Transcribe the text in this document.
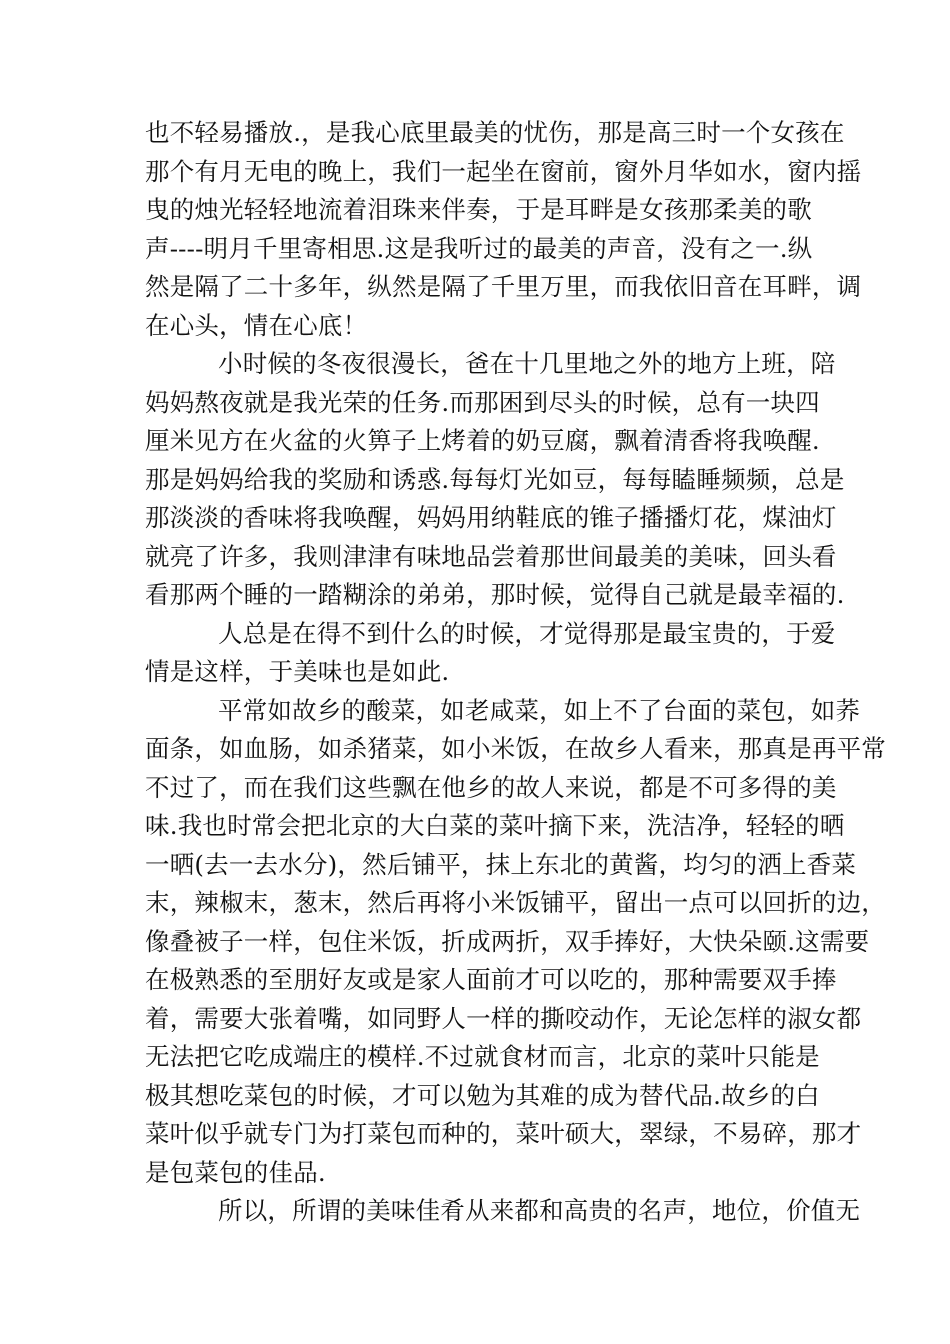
也不轻易播放.，是我心底里最美的忧伤，那是高三时一个女孩在
那个有月无电的晚上，我们一起坐在窗前，窗外月华如水，窗内摇
曳的烛光轻轻地流着泪珠来伴奏，于是耳畔是女孩那柔美的歌
声----明月千里寄相思.这是我听过的最美的声音，没有之一.纵
然是隔了二十多年，纵然是隔了千里万里，而我依旧音在耳畔，调
在心头，情在心底！
小时候的冬夜很漫长，爸在十几里地之外的地方上班，陪
妈妈熬夜就是我光荣的任务.而那困到尽头的时候，总有一块四
厘米见方在火盆的火箅子上烤着的奶豆腐，飘着清香将我唤醒.
那是妈妈给我的奖励和诱惑.每每灯光如豆，每每瞌睡频频，总是
那淡淡的香味将我唤醒，妈妈用纳鞋底的锥子播播灯花，煤油灯
就亮了许多，我则津津有味地品尝着那世间最美的美味，回头看
看那两个睡的一踏糊涂的弟弟，那时候，觉得自己就是最幸福的.
人总是在得不到什么的时候，才觉得那是最宝贵的，于爱
情是这样，于美味也是如此.
平常如故乡的酸菜，如老咸菜，如上不了台面的菜包，如荞
面条，如血肠，如杀猪菜，如小米饭，在故乡人看来，那真是再平常
不过了，而在我们这些飘在他乡的故人来说，都是不可多得的美
味.我也时常会把北京的大白菜的菜叶摘下来，洗洁净，轻轻的晒
一晒(去一去水分)，然后铺平，抹上东北的黄酱，均匀的洒上香菜
末，辣椒末，葱末，然后再将小米饭铺平，留出一点可以回折的边，
像叠被子一样，包住米饭，折成两折，双手捧好，大快朵颐.这需要
在极熟悉的至朋好友或是家人面前才可以吃的，那种需要双手捧
着，需要大张着嘴，如同野人一样的撕咬动作，无论怎样的淑女都
无法把它吃成端庄的模样.不过就食材而言，北京的菜叶只能是
极其想吃菜包的时候，才可以勉为其难的成为替代品.故乡的白
菜叶似乎就专门为打菜包而种的，菜叶硕大，翠绿，不易碎，那才
是包菜包的佳品.
所以，所谓的美味佳肴从来都和高贵的名声，地位，价值无
